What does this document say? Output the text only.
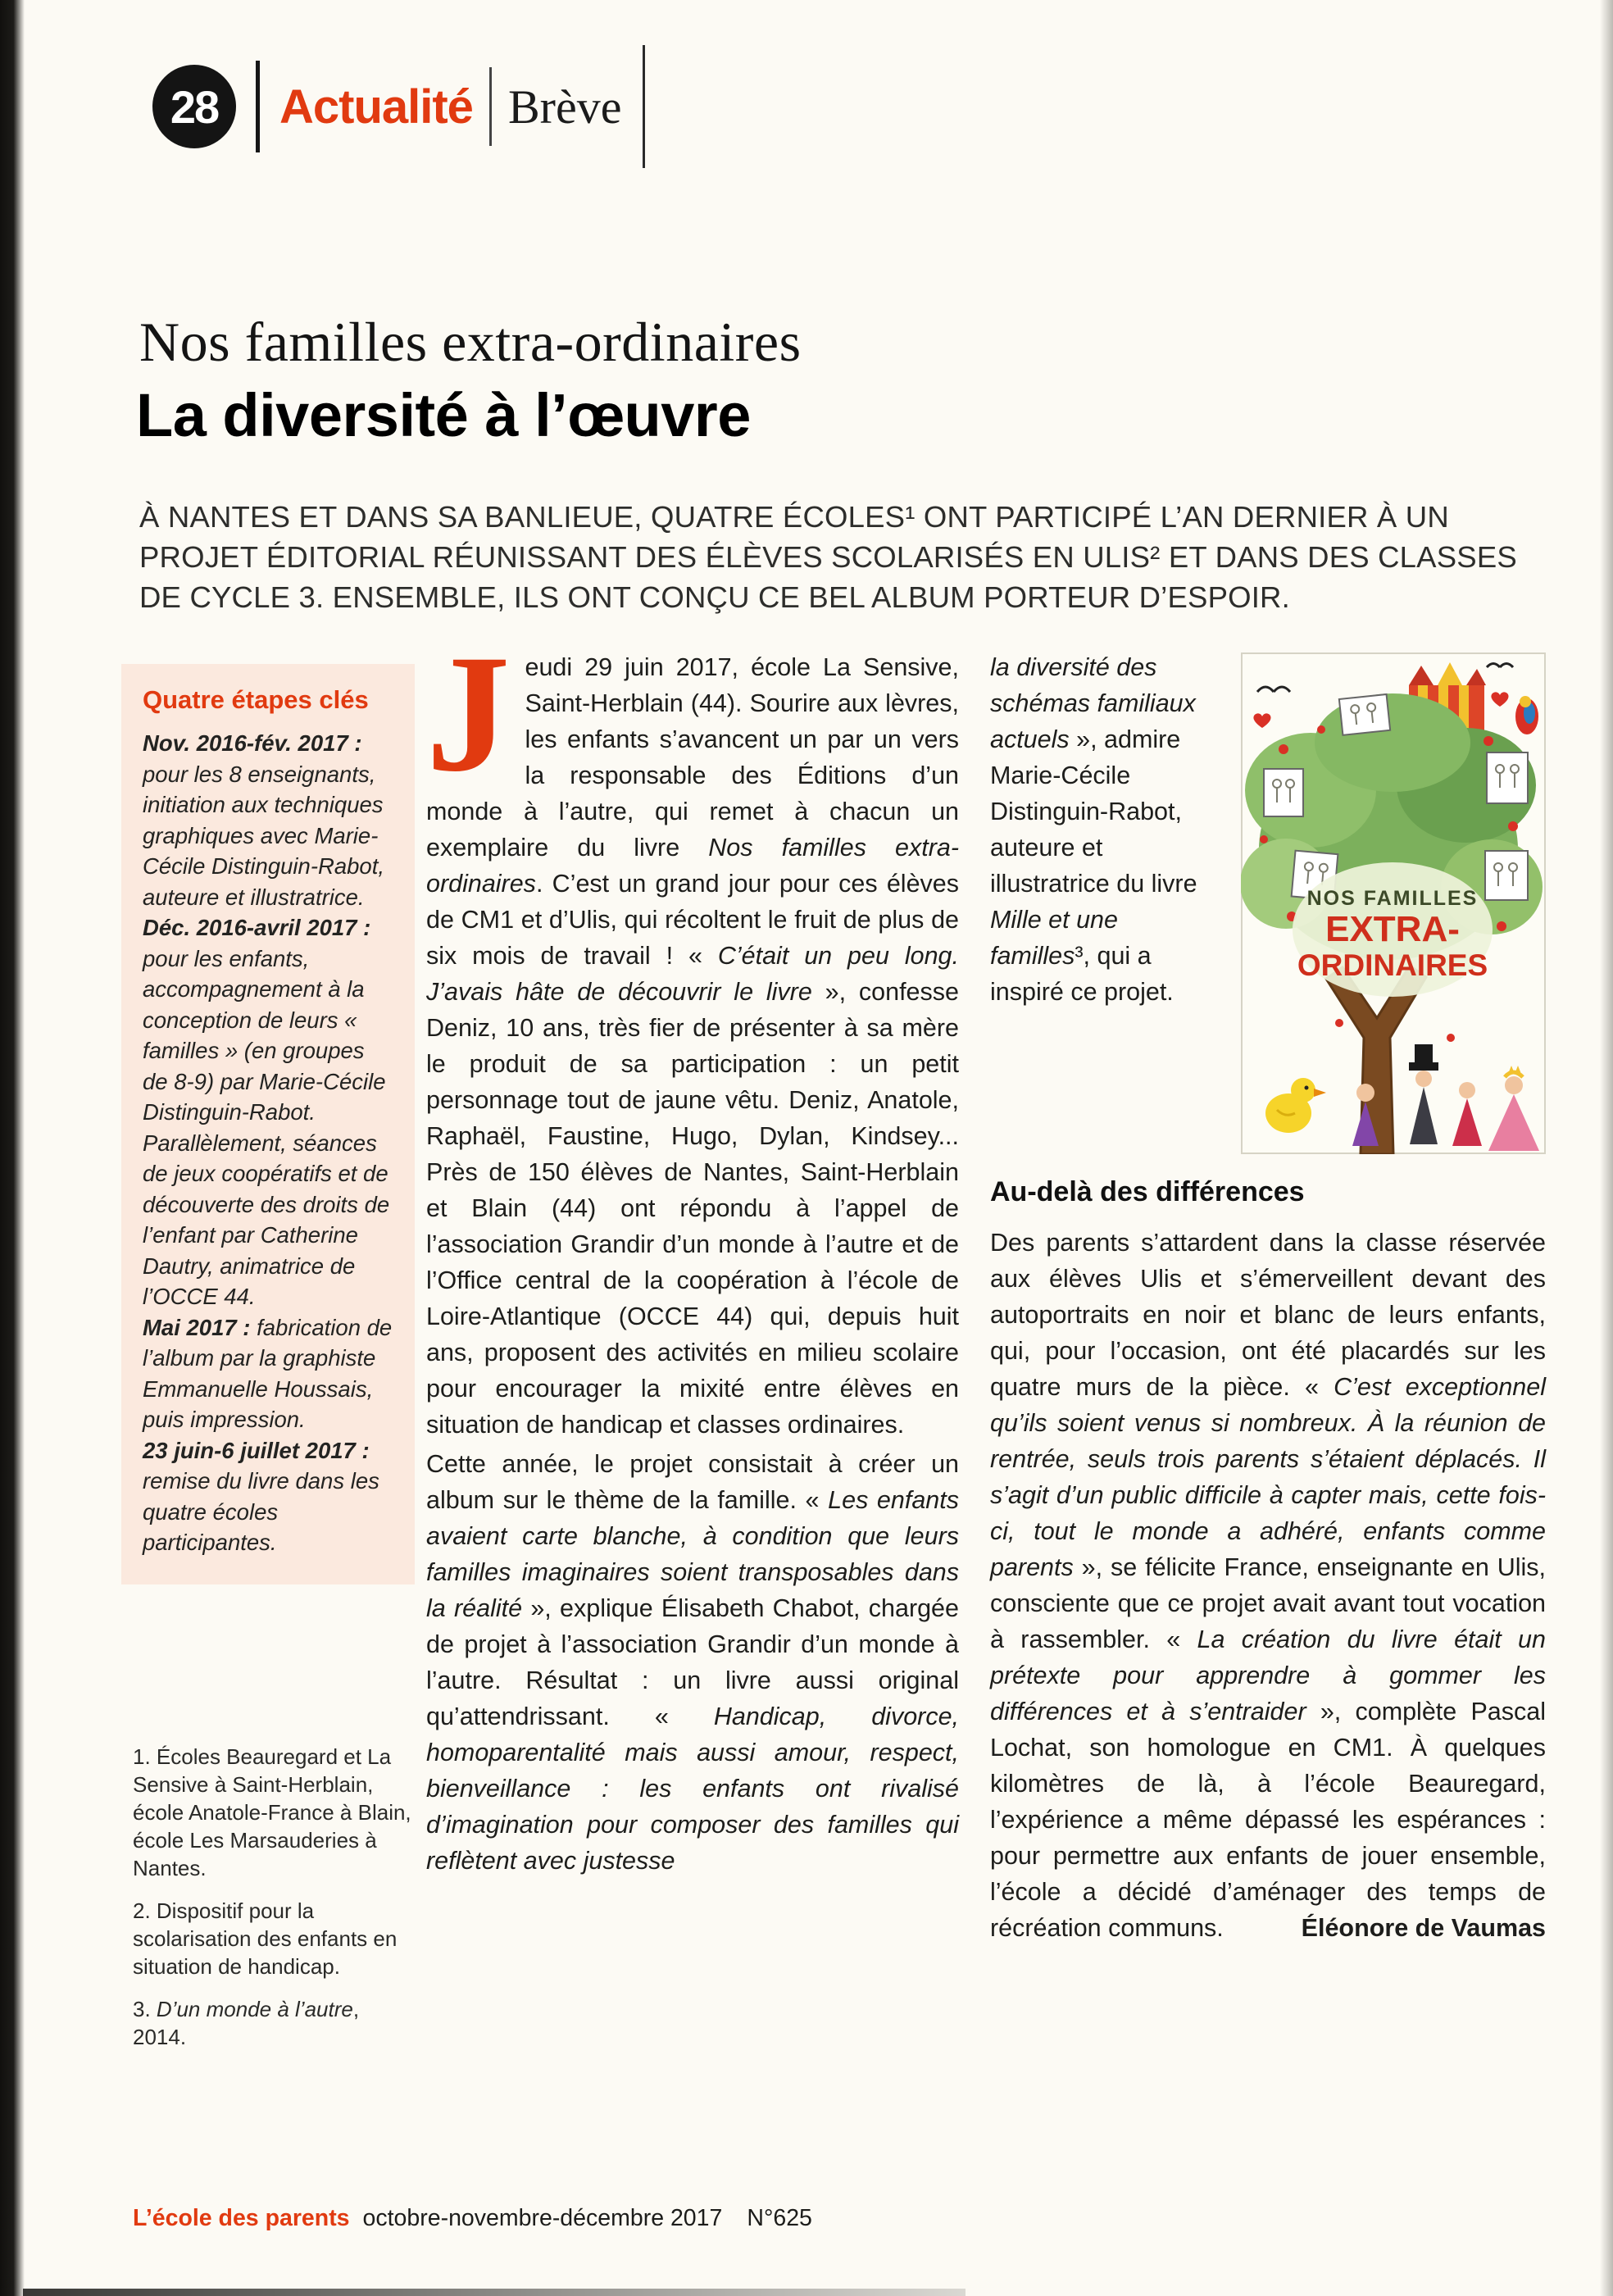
28	Actualité Brève
Nos familles extra-ordinaires
La diversité à l’œuvre

À NANTES ET DANS SA BANLIEUE, QUATRE ÉCOLES¹ ONT PARTICIPÉ L’AN DERNIER À UN PROJET ÉDITORIAL RÉUNISSANT DES ÉLÈVES SCOLARISÉS EN ULIS² ET DANS DES CLASSES DE CYCLE 3. ENSEMBLE, ILS ONT CONÇU CE BEL ALBUM PORTEUR D’ESPOIR.

Quatre étapes clés

Nov. 2016-fév. 2017 : pour les 8 enseignants, initiation aux techniques graphiques avec Marie-Cécile Distinguin-Rabot, auteure et illustratrice.

Déc. 2016-avril 2017 : pour les enfants, accompagnement à la conception de leurs « familles » (en groupes de 8-9) par Marie-Cécile Distinguin-Rabot. Parallèlement, séances de jeux coopératifs et de découverte des droits de l’enfant par Catherine Dautry, animatrice de l’OCCE 44.

Mai 2017 : fabrication de l’album par la graphiste Emmanuelle Houssais, puis impression.

23 juin-6 juillet 2017 : remise du livre dans les quatre écoles participantes.

1. Écoles Beauregard et La Sensive à Saint-Herblain, école Anatole-France à Blain, école Les Marsauderies à Nantes.

2. Dispositif pour la scolarisation des enfants en situation de handicap.

3. D’un monde à l’autre, 2014.

Jeudi 29 juin 2017, école La Sensive, Saint-Herblain (44). Sourire aux lèvres, les enfants s’avancent un par un vers la responsable des Éditions d’un monde à l’autre, qui remet à chacun un exemplaire du livre Nos familles extra-ordinaires. C’est un grand jour pour ces élèves de CM1 et d’Ulis, qui récoltent le fruit de plus de six mois de travail ! « C’était un peu long. J’avais hâte de découvrir le livre », confesse Deniz, 10 ans, très fier de présenter à sa mère le produit de sa participation : un petit personnage tout de jaune vêtu. Deniz, Anatole, Raphaël, Faustine, Hugo, Dylan, Kindsey... Près de 150 élèves de Nantes, Saint-Herblain et Blain (44) ont répondu à l’appel de l’association Grandir d’un monde à l’autre et de l’Office central de la coopération à l’école de Loire-Atlantique (OCCE 44) qui, depuis huit ans, proposent des activités en milieu scolaire pour encourager la mixité entre élèves en situation de handicap et classes ordinaires.

Cette année, le projet consistait à créer un album sur le thème de la famille. « Les enfants avaient carte blanche, à condition que leurs familles imaginaires soient transposables dans la réalité », explique Élisabeth Chabot, chargée de projet à l’association Grandir d’un monde à l’autre. Résultat : un livre aussi original qu’attendrissant. « Handicap, divorce, homoparentalité mais aussi amour, respect, bienveillance : les enfants ont rivalisé d’imagination pour composer des familles qui reflètent avec justesse

NOS FAMILLES
EXTRA-
ORDINAIRES

la diversité des schémas familiaux actuels », admire Marie-Cécile Distinguin-Rabot, auteure et illustratrice du livre Mille et une familles³, qui a inspiré ce projet.

Au-delà des différences

Des parents s’attardent dans la classe réservée aux élèves Ulis et s’émerveillent devant des autoportraits en noir et blanc de leurs enfants, qui, pour l’occasion, ont été placardés sur les quatre murs de la pièce. « C’est exceptionnel qu’ils soient venus si nombreux. À la réunion de rentrée, seuls trois parents s’étaient déplacés. Il s’agit d’un public difficile à capter mais, cette fois-ci, tout le monde a adhéré, enfants comme parents », se félicite France, enseignante en Ulis, consciente que ce projet avait avant tout vocation à rassembler. « La création du livre était un prétexte pour apprendre à gommer les différences et à s’entraider », complète Pascal Lochat, son homologue en CM1. À quelques kilomètres de là, à l’école Beauregard, l’expérience a même dépassé les espérances : pour permettre aux enfants de jouer ensemble, l’école a décidé d’aménager des temps de récréation communs.	Éléonore de Vaumas
L’école des parents octobre-novembre-décembre 2017 N°625
